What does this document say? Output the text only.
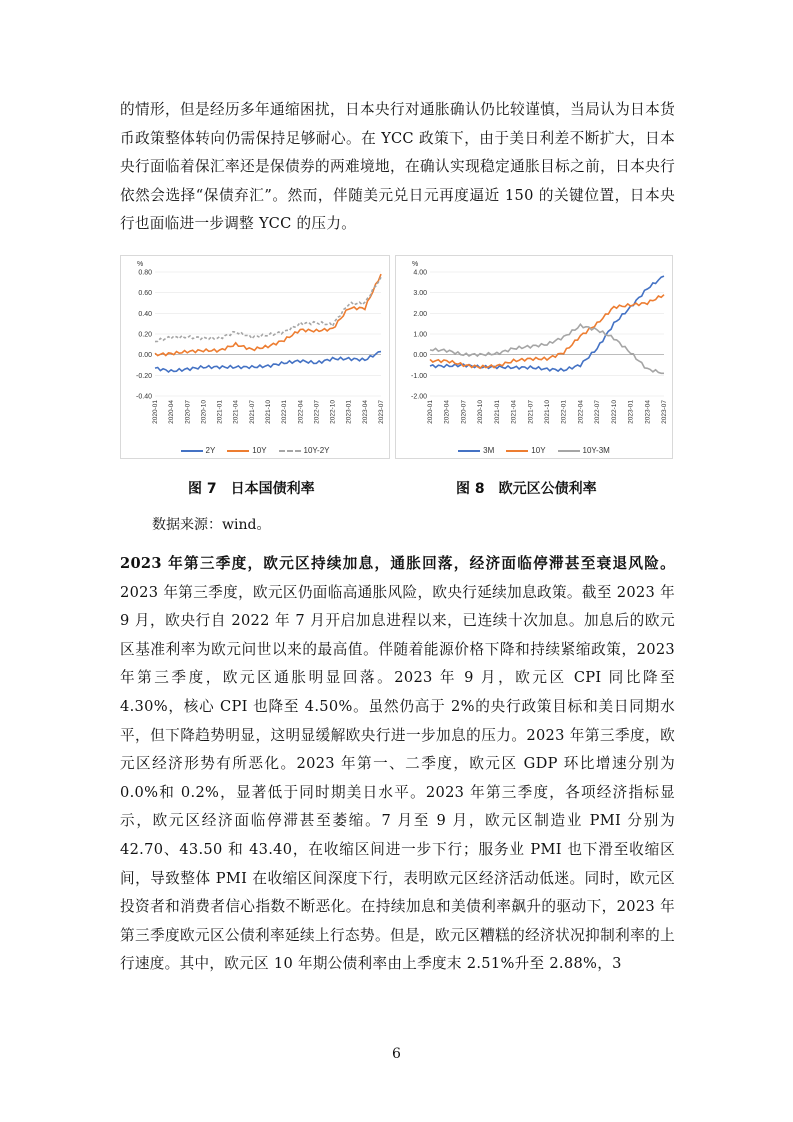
的情形，但是经历多年通缩困扰，日本央行对通胀确认仍比较谨慎，当局认为日本货币政策整体转向仍需保持足够耐心。在 YCC 政策下，由于美日利差不断扩大，日本央行面临着保汇率还是保债券的两难境地，在确认实现稳定通胀目标之前，日本央行依然会选择“保债弃汇”。然而，伴随美元兑日元再度逼近 150 的关键位置，日本央行也面临进一步调整 YCC 的压力。
%
0.80
0.60
0.40
0.20
0.00
-0.20
-0.40
2020-01 2020-04 2020-07 2020-10 2021-01 2021-04 2021-07 2021-10 2022-01 2022-04 2022-07 2022-10 2023-01 2023-04 2023-07
2Y	10Y	10Y-2Y
%
4.00
3.00
2.00
1.00
0.00
-1.00
-2.00
2020-01 2020-04 2020-07 2020-10 2021-01 2021-04 2021-07 2021-10 2022-01 2022-04 2022-07 2022-10 2023-01 2023-04 2023-07
3M	10Y	10Y-3M
图 7 日本国债利率	图 8 欧元区公债利率
数据来源：wind。
2023 年第三季度，欧元区持续加息，通胀回落，经济面临停滞甚至衰退风险。2023 年第三季度，欧元区仍面临高通胀风险，欧央行延续加息政策。截至 2023 年 9 月，欧央行自 2022 年 7 月开启加息进程以来，已连续十次加息。加息后的欧元区基准利率为欧元问世以来的最高值。伴随着能源价格下降和持续紧缩政策，2023 年第三季度，欧元区通胀明显回落。2023 年 9 月，欧元区 CPI 同比降至 4.30%，核心 CPI 也降至 4.50%。虽然仍高于 2%的央行政策目标和美日同期水平，但下降趋势明显，这明显缓解欧央行进一步加息的压力。2023 年第三季度，欧元区经济形势有所恶化。2023 年第一、二季度，欧元区 GDP 环比增速分别为 0.0%和 0.2%，显著低于同时期美日水平。2023 年第三季度，各项经济指标显示，欧元区经济面临停滞甚至萎缩。7 月至 9 月，欧元区制造业 PMI 分别为 42.70、43.50 和 43.40，在收缩区间进一步下行；服务业 PMI 也下滑至收缩区间，导致整体 PMI 在收缩区间深度下行，表明欧元区经济活动低迷。同时，欧元区投资者和消费者信心指数不断恶化。在持续加息和美债利率飙升的驱动下，2023 年第三季度欧元区公债利率延续上行态势。但是，欧元区糟糕的经济状况抑制利率的上行速度。其中，欧元区 10 年期公债利率由上季度末 2.51%升至 2.88%，3
6
